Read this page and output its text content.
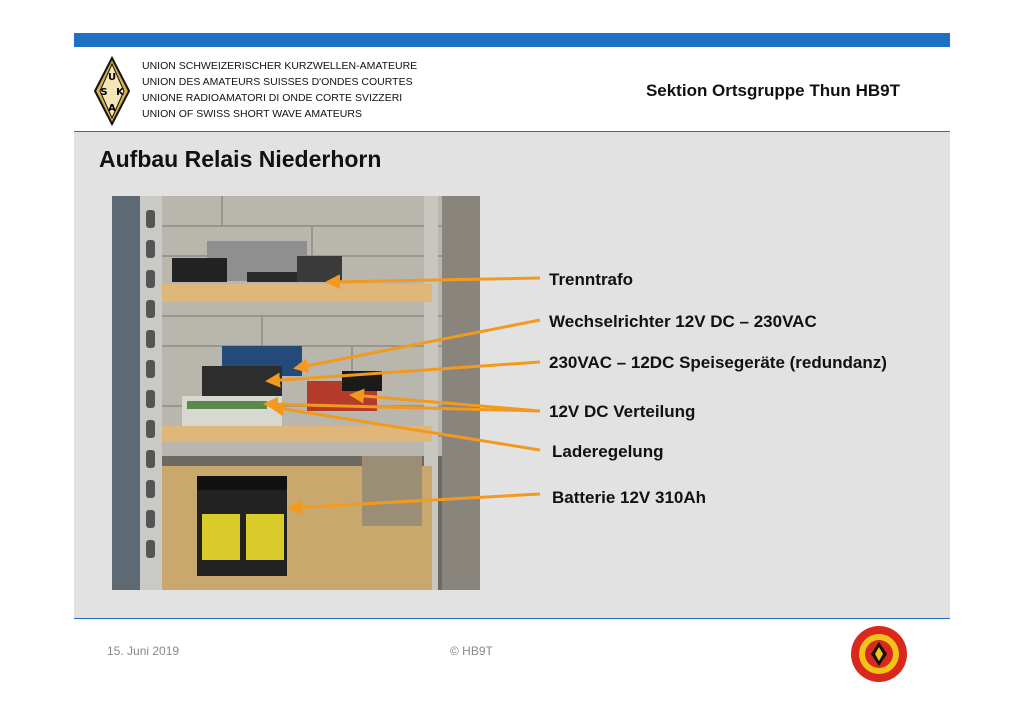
U
S K
A
UNION SCHWEIZERISCHER KURZWELLEN-AMATEURE
UNION DES AMATEURS SUISSES D'ONDES COURTES
UNIONE RADIOAMATORI DI ONDE CORTE SVIZZERI
UNION OF SWISS SHORT WAVE AMATEURS
Sektion Ortsgruppe Thun HB9T
Aufbau Relais Niederhorn
Trenntrafo
Wechselrichter 12V DC – 230VAC
230VAC – 12DC Speisegeräte (redundanz)
12V DC Verteilung
Laderegelung
Batterie 12V 310Ah
15. Juni 2019	© HB9T
